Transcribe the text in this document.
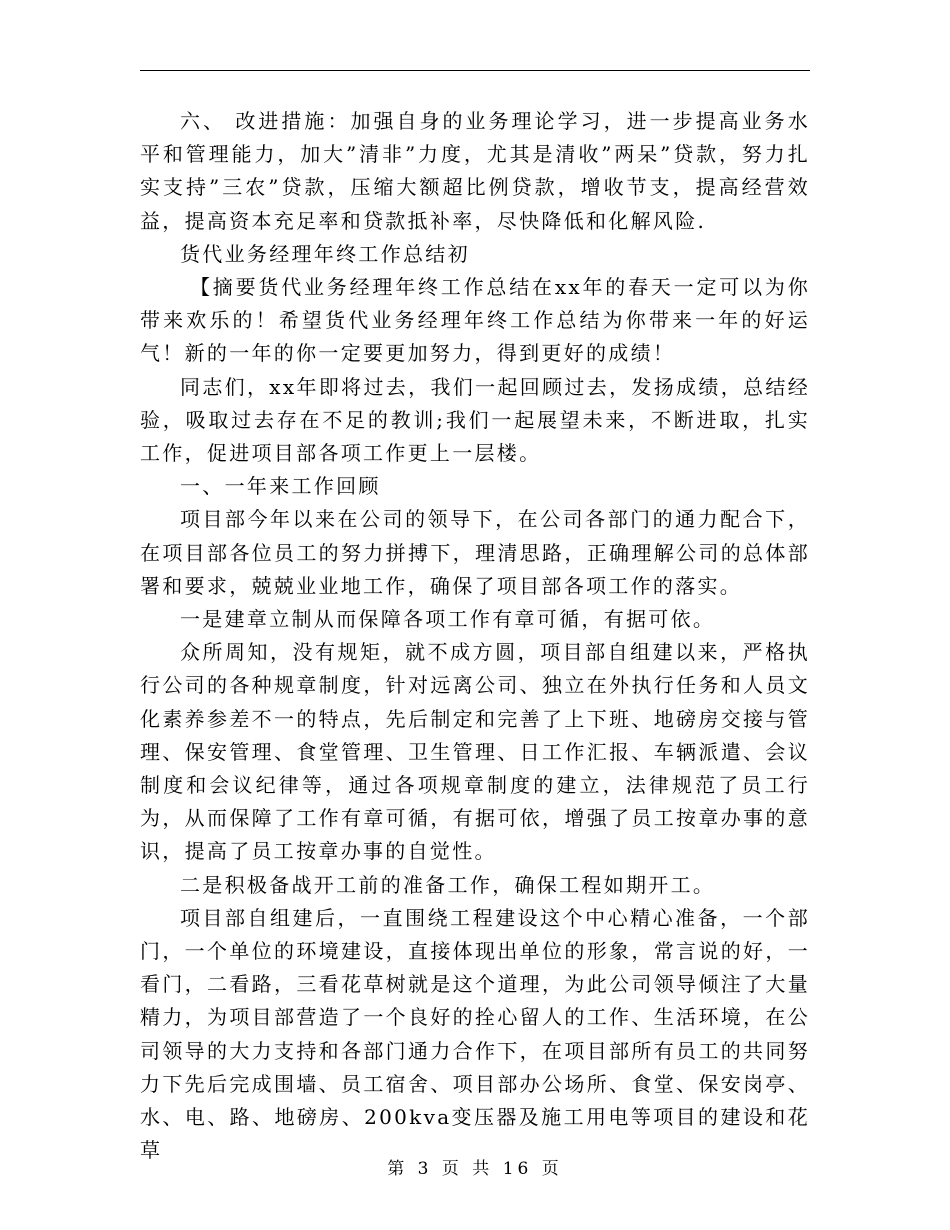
六、 改进措施：加强自身的业务理论学习，进一步提高业务水平和管理能力，加大”清非”力度，尤其是清收”两呆”贷款，努力扎实支持”三农”贷款，压缩大额超比例贷款，增收节支，提高经营效益，提高资本充足率和贷款抵补率，尽快降低和化解风险.

货代业务经理年终工作总结初

【摘要货代业务经理年终工作总结在xx年的春天一定可以为你带来欢乐的！希望货代业务经理年终工作总结为你带来一年的好运气！新的一年的你一定要更加努力，得到更好的成绩！

同志们，xx年即将过去，我们一起回顾过去，发扬成绩，总结经验，吸取过去存在不足的教训;我们一起展望未来，不断进取，扎实工作，促进项目部各项工作更上一层楼。

一、一年来工作回顾

项目部今年以来在公司的领导下，在公司各部门的通力配合下，在项目部各位员工的努力拼搏下，理清思路，正确理解公司的总体部署和要求，兢兢业业地工作，确保了项目部各项工作的落实。

一是建章立制从而保障各项工作有章可循，有据可依。

众所周知，没有规矩，就不成方圆，项目部自组建以来，严格执行公司的各种规章制度，针对远离公司、独立在外执行任务和人员文化素养参差不一的特点，先后制定和完善了上下班、地磅房交接与管理、保安管理、食堂管理、卫生管理、日工作汇报、车辆派遣、会议制度和会议纪律等，通过各项规章制度的建立，法律规范了员工行为，从而保障了工作有章可循，有据可依，增强了员工按章办事的意识，提高了员工按章办事的自觉性。

二是积极备战开工前的准备工作，确保工程如期开工。

项目部自组建后，一直围绕工程建设这个中心精心准备，一个部门，一个单位的环境建设，直接体现出单位的形象，常言说的好，一看门，二看路，三看花草树就是这个道理，为此公司领导倾注了大量精力，为项目部营造了一个良好的拴心留人的工作、生活环境，在公司领导的大力支持和各部门通力合作下，在项目部所有员工的共同努力下先后完成围墙、员工宿舍、项目部办公场所、食堂、保安岗亭、水、电、路、地磅房、200kva变压器及施工用电等项目的建设和花草

第 3 页 共 16 页
